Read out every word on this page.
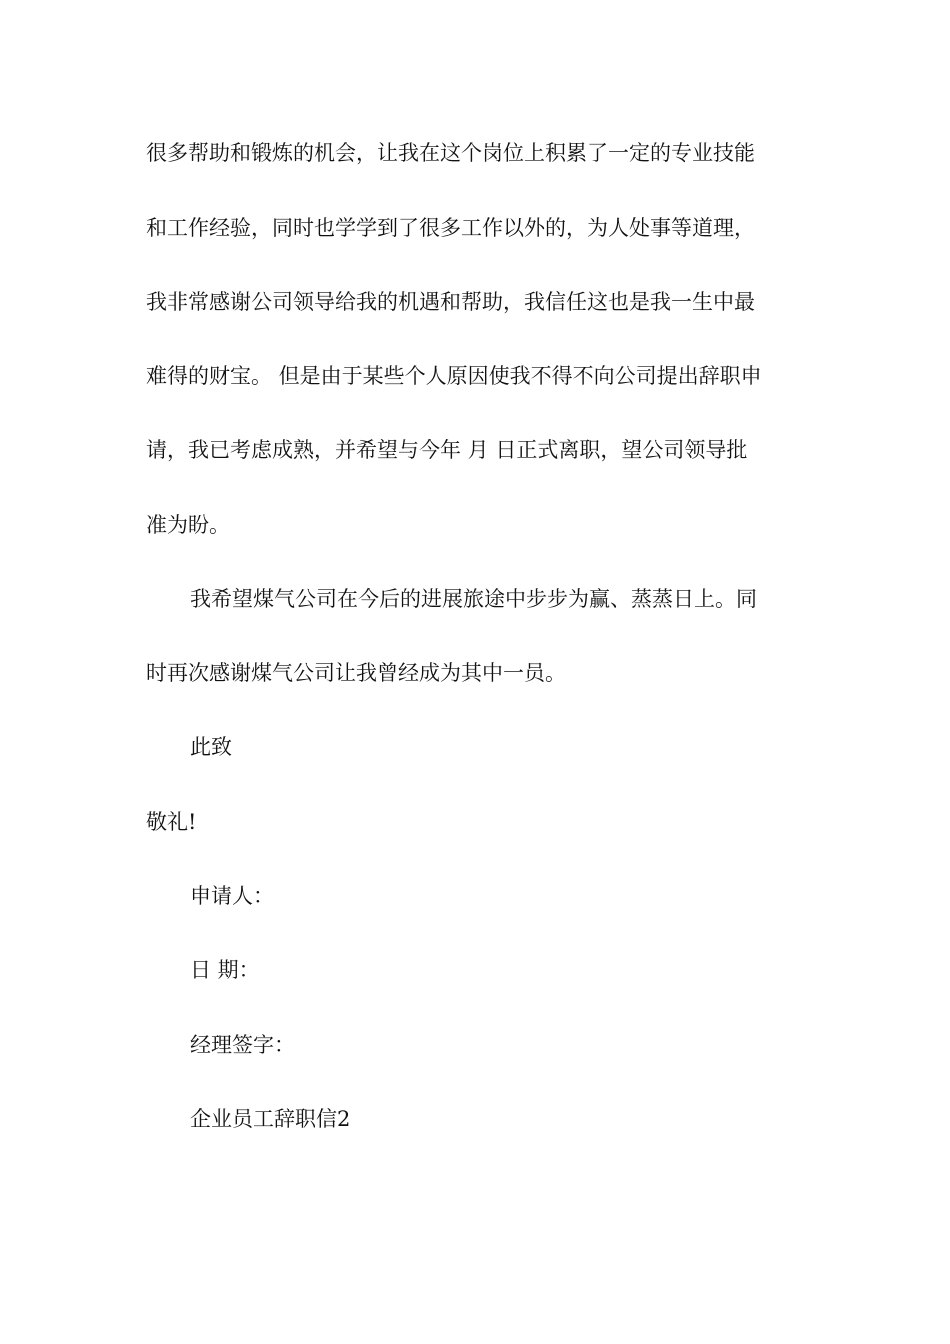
很多帮助和锻炼的机会，让我在这个岗位上积累了一定的专业技能
和工作经验，同时也学学到了很多工作以外的，为人处事等道理，
我非常感谢公司领导给我的机遇和帮助，我信任这也是我一生中最
难得的财宝。 但是由于某些个人原因使我不得不向公司提出辞职申
请，我已考虑成熟，并希望与今年 月 日正式离职，望公司领导批
准为盼。
我希望煤气公司在今后的进展旅途中步步为赢、蒸蒸日上。同
时再次感谢煤气公司让我曾经成为其中一员。
此致
敬礼!
申请人：
日 期：
经理签字：
企业员工辞职信2
